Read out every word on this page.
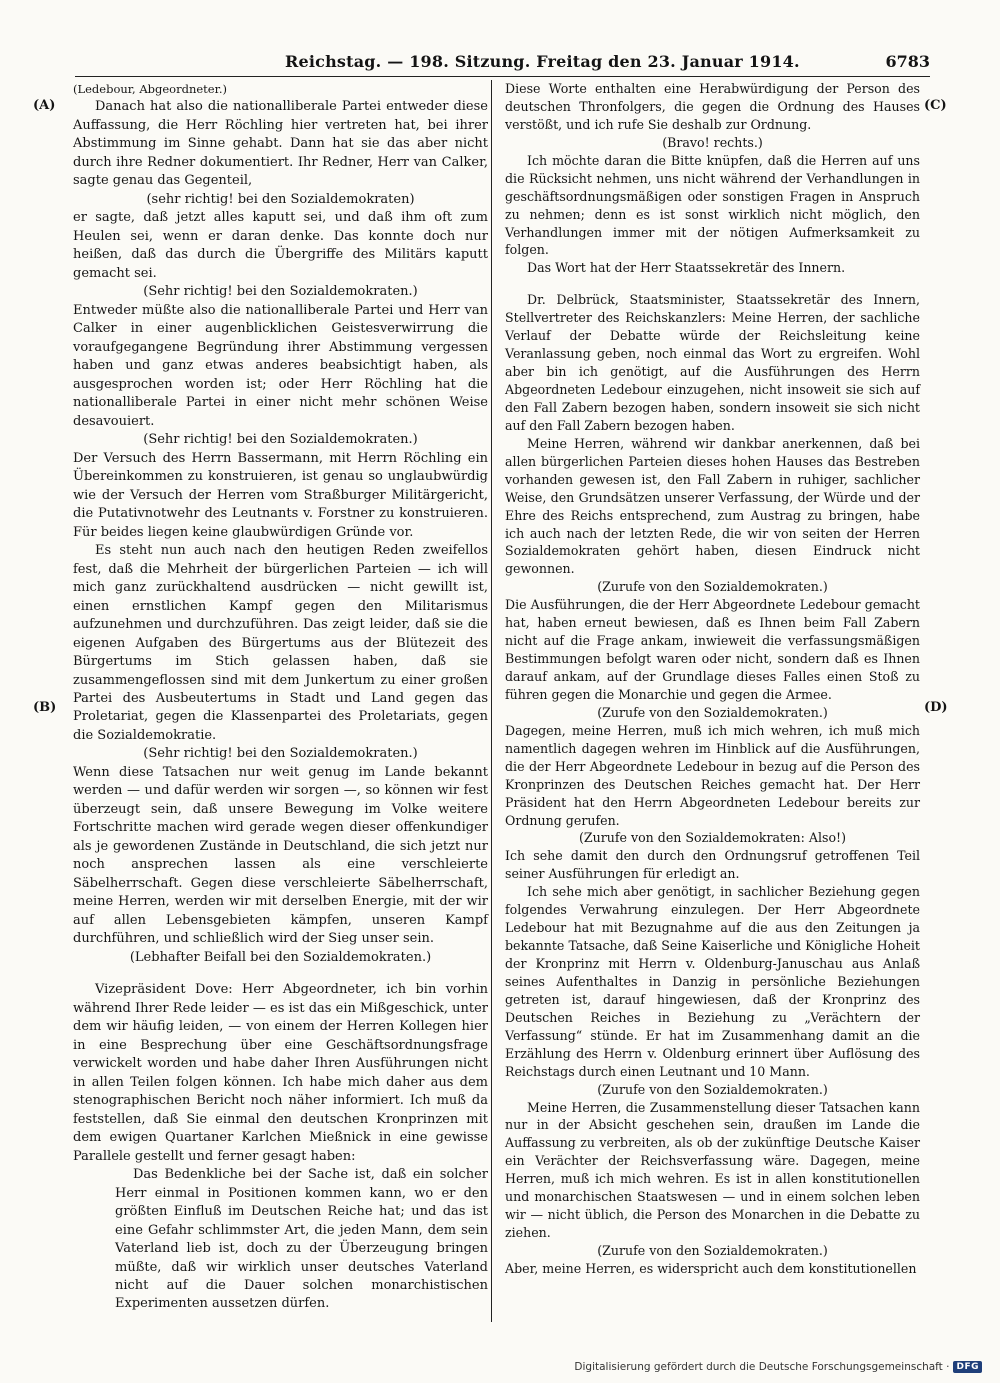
Reichstag. — 198. Sitzung. Freitag den 23. Januar 1914.	6783
(A)
(B)
(C)
(D)

(Ledebour, Abgeordneter.)

Danach hat also die nationalliberale Partei entweder diese Auffassung, die Herr Röchling hier vertreten hat, bei ihrer Abstimmung im Sinne gehabt. Dann hat sie das aber nicht durch ihre Redner dokumentiert. Ihr Redner, Herr van Calker, sagte genau das Gegenteil,

(sehr richtig! bei den Sozialdemokraten)

er sagte, daß jetzt alles kaputt sei, und daß ihm oft zum Heulen sei, wenn er daran denke. Das konnte doch nur heißen, daß das durch die Übergriffe des Militärs kaputt gemacht sei.

(Sehr richtig! bei den Sozialdemokraten.)

Entweder müßte also die nationalliberale Partei und Herr van Calker in einer augenblicklichen Geistesverwirrung die voraufgegangene Begründung ihrer Abstimmung vergessen haben und ganz etwas anderes beabsichtigt haben, als ausgesprochen worden ist; oder Herr Röchling hat die nationalliberale Partei in einer nicht mehr schönen Weise desavouiert.

(Sehr richtig! bei den Sozialdemokraten.)

Der Versuch des Herrn Bassermann, mit Herrn Röchling ein Übereinkommen zu konstruieren, ist genau so unglaubwürdig wie der Versuch der Herren vom Straßburger Militärgericht, die Putativnotwehr des Leutnants v. Forstner zu konstruieren. Für beides liegen keine glaubwürdigen Gründe vor.

Es steht nun auch nach den heutigen Reden zweifellos fest, daß die Mehrheit der bürgerlichen Parteien — ich will mich ganz zurückhaltend ausdrücken — nicht gewillt ist, einen ernstlichen Kampf gegen den Militarismus aufzunehmen und durchzuführen. Das zeigt leider, daß sie die eigenen Aufgaben des Bürgertums aus der Blütezeit des Bürgertums im Stich gelassen haben, daß sie zusammengeflossen sind mit dem Junkertum zu einer großen Partei des Ausbeutertums in Stadt und Land gegen das Proletariat, gegen die Klassenpartei des Proletariats, gegen die Sozialdemokratie.

(Sehr richtig! bei den Sozialdemokraten.)

Wenn diese Tatsachen nur weit genug im Lande bekannt werden — und dafür werden wir sorgen —, so können wir fest überzeugt sein, daß unsere Bewegung im Volke weitere Fortschritte machen wird gerade wegen dieser offenkundiger als je gewordenen Zustände in Deutschland, die sich jetzt nur noch ansprechen lassen als eine verschleierte Säbelherrschaft. Gegen diese verschleierte Säbelherrschaft, meine Herren, werden wir mit derselben Energie, mit der wir auf allen Lebensgebieten kämpfen, unseren Kampf durchführen, und schließlich wird der Sieg unser sein.

(Lebhafter Beifall bei den Sozialdemokraten.)

Vizepräsident Dove: Herr Abgeordneter, ich bin vorhin während Ihrer Rede leider — es ist das ein Mißgeschick, unter dem wir häufig leiden, — von einem der Herren Kollegen hier in eine Besprechung über eine Geschäftsordnungsfrage verwickelt worden und habe daher Ihren Ausführungen nicht in allen Teilen folgen können. Ich habe mich daher aus dem stenographischen Bericht noch näher informiert. Ich muß da feststellen, daß Sie einmal den deutschen Kronprinzen mit dem ewigen Quartaner Karlchen Mießnick in eine gewisse Parallele gestellt und ferner gesagt haben:

Das Bedenkliche bei der Sache ist, daß ein solcher Herr einmal in Positionen kommen kann, wo er den größten Einfluß im Deutschen Reiche hat; und das ist eine Gefahr schlimmster Art, die jeden Mann, dem sein Vaterland lieb ist, doch zu der Überzeugung bringen müßte, daß wir wirklich unser deutsches Vaterland nicht auf die Dauer solchen monarchistischen Experimenten aussetzen dürfen.

Diese Worte enthalten eine Herabwürdigung der Person des deutschen Thronfolgers, die gegen die Ordnung des Hauses verstößt, und ich rufe Sie deshalb zur Ordnung.

(Bravo! rechts.)

Ich möchte daran die Bitte knüpfen, daß die Herren auf uns die Rücksicht nehmen, uns nicht während der Verhandlungen in geschäftsordnungsmäßigen oder sonstigen Fragen in Anspruch zu nehmen; denn es ist sonst wirklich nicht möglich, den Verhandlungen immer mit der nötigen Aufmerksamkeit zu folgen.

Das Wort hat der Herr Staatssekretär des Innern.

Dr. Delbrück, Staatsminister, Staatssekretär des Innern, Stellvertreter des Reichskanzlers: Meine Herren, der sachliche Verlauf der Debatte würde der Reichsleitung keine Veranlassung geben, noch einmal das Wort zu ergreifen. Wohl aber bin ich genötigt, auf die Ausführungen des Herrn Abgeordneten Ledebour einzugehen, nicht insoweit sie sich auf den Fall Zabern bezogen haben, sondern insoweit sie sich nicht auf den Fall Zabern bezogen haben.

Meine Herren, während wir dankbar anerkennen, daß bei allen bürgerlichen Parteien dieses hohen Hauses das Bestreben vorhanden gewesen ist, den Fall Zabern in ruhiger, sachlicher Weise, den Grundsätzen unserer Verfassung, der Würde und der Ehre des Reichs entsprechend, zum Austrag zu bringen, habe ich auch nach der letzten Rede, die wir von seiten der Herren Sozialdemokraten gehört haben, diesen Eindruck nicht gewonnen.

(Zurufe von den Sozialdemokraten.)

Die Ausführungen, die der Herr Abgeordnete Ledebour gemacht hat, haben erneut bewiesen, daß es Ihnen beim Fall Zabern nicht auf die Frage ankam, inwieweit die verfassungsmäßigen Bestimmungen befolgt waren oder nicht, sondern daß es Ihnen darauf ankam, auf der Grundlage dieses Falles einen Stoß zu führen gegen die Monarchie und gegen die Armee.

(Zurufe von den Sozialdemokraten.)

Dagegen, meine Herren, muß ich mich wehren, ich muß mich namentlich dagegen wehren im Hinblick auf die Ausführungen, die der Herr Abgeordnete Ledebour in bezug auf die Person des Kronprinzen des Deutschen Reiches gemacht hat. Der Herr Präsident hat den Herrn Abgeordneten Ledebour bereits zur Ordnung gerufen.

(Zurufe von den Sozialdemokraten: Also!)

Ich sehe damit den durch den Ordnungsruf getroffenen Teil seiner Ausführungen für erledigt an.

Ich sehe mich aber genötigt, in sachlicher Beziehung gegen folgendes Verwahrung einzulegen. Der Herr Abgeordnete Ledebour hat mit Bezugnahme auf die aus den Zeitungen ja bekannte Tatsache, daß Seine Kaiserliche und Königliche Hoheit der Kronprinz mit Herrn v. Oldenburg-Januschau aus Anlaß seines Aufenthaltes in Danzig in persönliche Beziehungen getreten ist, darauf hingewiesen, daß der Kronprinz des Deutschen Reiches in Beziehung zu „Verächtern der Verfassung“ stünde. Er hat im Zusammenhang damit an die Erzählung des Herrn v. Oldenburg erinnert über Auflösung des Reichstags durch einen Leutnant und 10 Mann.

(Zurufe von den Sozialdemokraten.)

Meine Herren, die Zusammenstellung dieser Tatsachen kann nur in der Absicht geschehen sein, draußen im Lande die Auffassung zu verbreiten, als ob der zukünftige Deutsche Kaiser ein Verächter der Reichsverfassung wäre. Dagegen, meine Herren, muß ich mich wehren. Es ist in allen konstitutionellen und monarchischen Staatswesen — und in einem solchen leben wir — nicht üblich, die Person des Monarchen in die Debatte zu ziehen.

(Zurufe von den Sozialdemokraten.)

Aber, meine Herren, es widerspricht auch dem konstitutionellen

Digitalisierung gefördert durch die Deutsche Forschungsgemeinschaft · DFG
